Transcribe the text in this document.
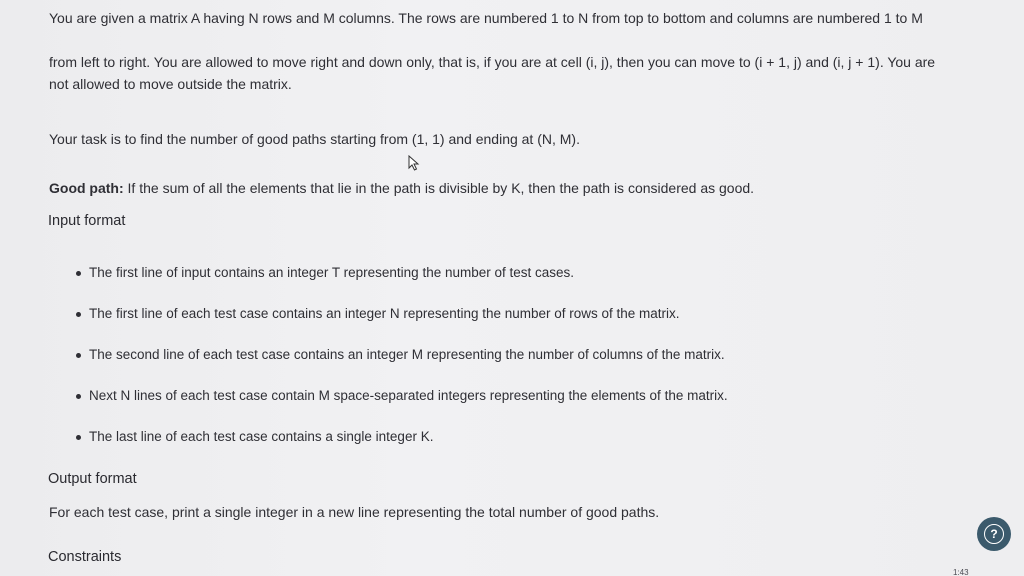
You are given a matrix A having N rows and M columns. The rows are numbered 1 to N from top to bottom and columns are numbered 1 to M

from left to right. You are allowed to move right and down only, that is, if you are at cell (i, j), then you can move to (i + 1, j) and (i, j + 1). You are

not allowed to move outside the matrix.

Your task is to find the number of good paths starting from (1, 1) and ending at (N, M).

Good path: If the sum of all the elements that lie in the path is divisible by K, then the path is considered as good.

Input format
The first line of input contains an integer T representing the number of test cases.
The first line of each test case contains an integer N representing the number of rows of the matrix.
The second line of each test case contains an integer M representing the number of columns of the matrix.
Next N lines of each test case contain M space-separated integers representing the elements of the matrix.
The last line of each test case contains a single integer K.
Output format

For each test case, print a single integer in a new line representing the total number of good paths.

Constraints
?
1:43
